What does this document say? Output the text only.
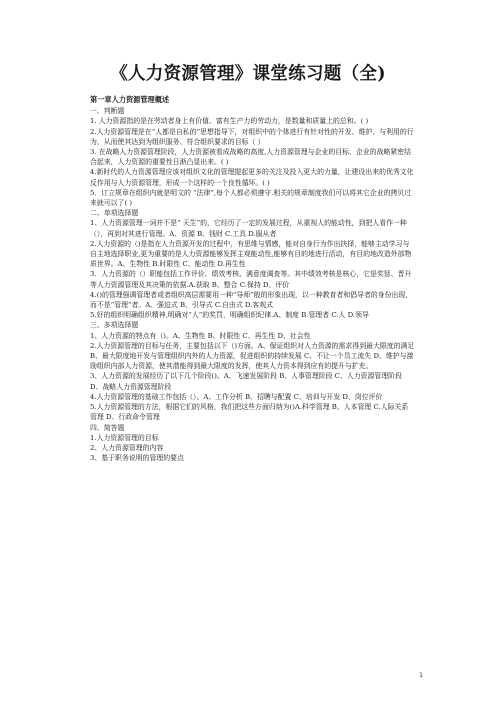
《人力资源管理》课堂练习题（全)

第一章人力资源管理概述

一、判断题

1. 人力资源指的是在劳动者身上有价值、富有生产力的劳动力，是数量和质量上的总和。( )

2.人力资源管理是在“人都是自私的”思想指导下，对组织中的个体进行有针对性的开发、维护、与利用的行为，从而使其达到为组织服务、符合组织要求的目标（ ）

3. 在战略人力资源管理阶段，人力资源被看成战略的高度,人力资源管理与企业的目标、企业的战略紧密结合起来，人力资源的重要性日渐凸显出来。( )

4.新时代的人力资源管理应该对组织文化的管理提起更多的关注及投入更大的力量，让建设出来的优秀文化反作用与人力资源管理，形成一个这样的一个良性循环。( )

5．订立规章在组织内就是明文的 “法律”,每个人都必须遵守.相关的规章制度我们可以将其它企业的拷贝过来就可以了( )

二、单项选择题

1、人力资源管理一词并不是“ 天生”的，它经历了一定的发展过程，从重视人的能动性，到把人看作一种（），再到对其进行管理。A、资源 B、钱财 C.工具 D.服从者

2.人力资源的（)是指在人力资源开发的过程中，有思维与情感，能对自身行为作出抉择，能够主动学习与自主地选择职业,更为重要的是人力资源能够发挥主观能动性,能够有目的地进行活动，有目的地改造外部物质世界。A、生物性 B.时限性 C、能动性 D.再生性

3．人力资源的（）职能包括工作评价、绩效考核、满意度调查等。其中绩效考核是核心，它是奖惩、晋升等人力资源管理及其决策的依据.A.获取 B、整合 C.保持 D、评价

4.()的管理强调管理者或者组织高层需要用一种“导师”般的形象出现，以一种教育者和倡导者的身份出现，而不是“管理”者。A、强迫式 B、引导式 C.自由式 D.客观式

5.好的组织明确组织精神,明确对“人”的奖罚，明确组织纪律.A、制度 B.管理者 C.人 D.领导

三、多项选择题

1、人力资源的特点有（)。A、生物性 B、时限性 C、再生性 D、社会性

2.人力资源管理的目标与任务，主要包括以下（)方面。A、保证组织对人力资源的需求得到最大限度的满足 B、最大限度地开发与管理组织内外的人力资源，促进组织的持续发展 C、不让一个员工流失 D、维护与激励组织内部人力资源，使其潜能得到最大限度的发挥，使其人力资本得到应有的提升与扩充。

3、人力资源的发展经历了以下几个阶段()。A、飞速发展阶段 B、人事管理阶段 C、人力资源管理阶段 D、战略人力资源管理阶段

4.人力资源管理的基础工作包括（）。A、工作分析 B、招聘与配置 C、培训与开发 D、岗位评价

5.人力资源管理的方法，根据它们的风格，我们把这些方面归纳为()A.科学管理 B、人本管理 C.人际关系管理 D、行政命令管理

四、简答题

1.人力资源管理的目标

2、人力资源管理的内容

3、基于职务说明的管理的要点

1
